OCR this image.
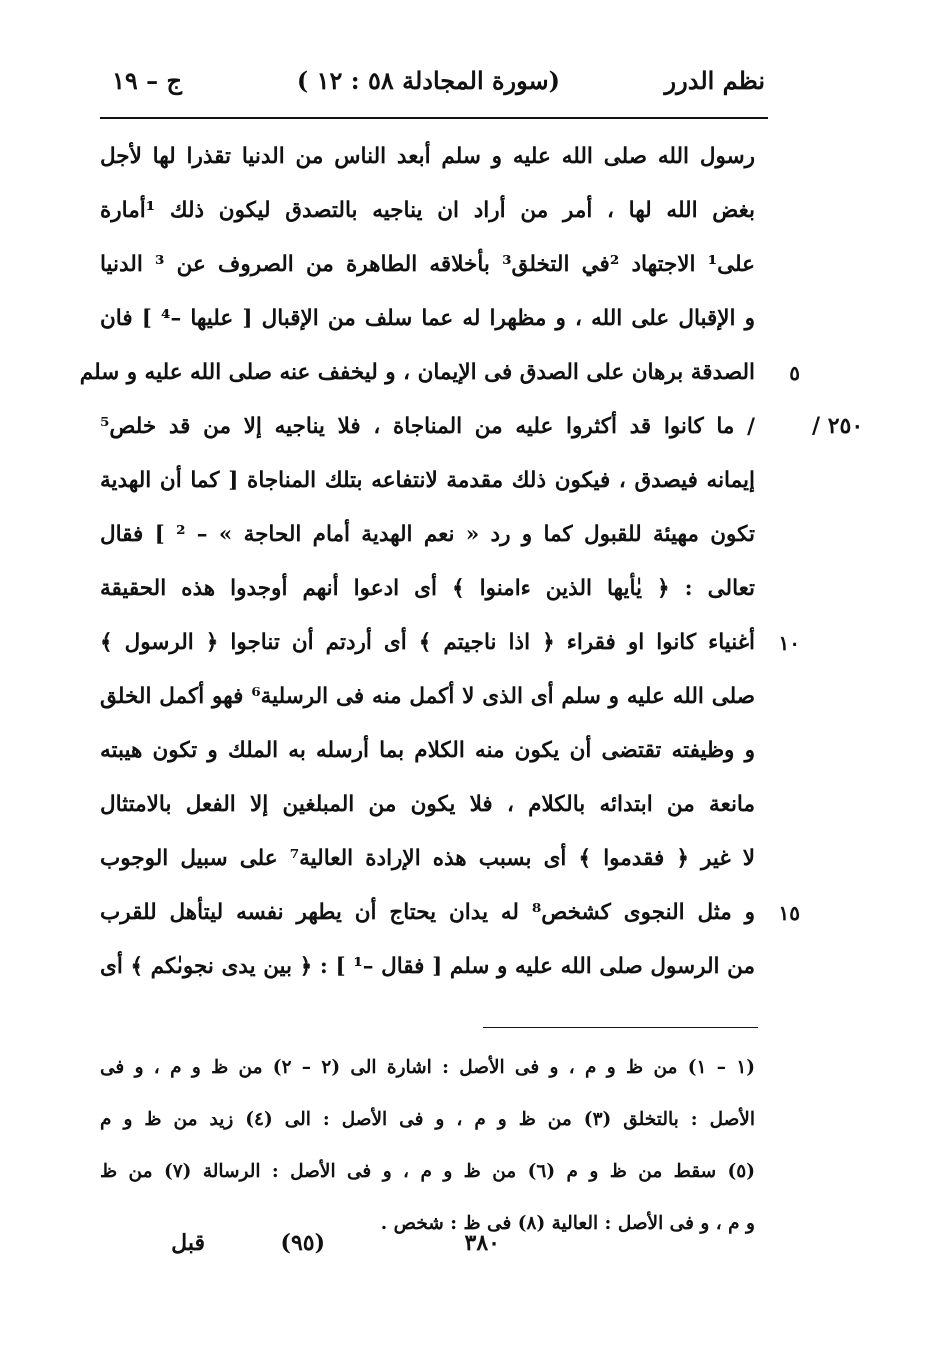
نظم الدرر
(سورة المجادلة ٥٨ : ١٢ )
ج – ١٩
٢٥٠ /
رسول الله صلى الله عليه و سلم أبعد الناس من الدنيا تقذرا لها لأجل
بغض الله لها ، أمر من أراد ان يناجيه بالتصدق ليكون ذلك ¹أمارة
على¹ الاجتهاد ²في التخلق³ بأخلاقه الطاهرة من الصروف عن ³ الدنيا
و الإقبال على الله ، و مظهرا له عما سلف من الإقبال [ عليها –⁴ ] فان
٥
الصدقة برهان على الصدق فى الإيمان ، و ليخفف عنه صلى الله عليه و سلم
/ ما كانوا قد أكثروا عليه من المناجاة ، فلا يناجيه إلا من قد خلص⁵
إيمانه فيصدق ، فيكون ذلك مقدمة لانتفاعه بتلك المناجاة [ كما أن الهدية
تكون مهيئة للقبول كما و رد « نعم الهدية أمام الحاجة » – ² ] فقال
تعالى : ﴿ يٰأيها الذين ءامنوا ﴾ أى ادعوا أنهم أوجدوا هذه الحقيقة
١٠
أغنياء كانوا او فقراء ﴿ اذا ناجيتم ﴾ أى أردتم أن تناجوا ﴿ الرسول ﴾
صلى الله عليه و سلم أى الذى لا أكمل منه فى الرسلية⁶ فهو أكمل الخلق
و وظيفته تقتضى أن يكون منه الكلام بما أرسله به الملك و تكون هيبته
مانعة من ابتدائه بالكلام ، فلا يكون من المبلغين إلا الفعل بالامتثال
لا غير ﴿ فقدموا ﴾ أى بسبب هذه الإرادة العالية⁷ على سبيل الوجوب
١٥
و مثل النجوى كشخص⁸ له يدان يحتاج أن يطهر نفسه ليتأهل للقرب
من الرسول صلى الله عليه و سلم [ فقال –¹ ] : ﴿ بين يدى نجوىٰكم ﴾ أى
(١ – ١) من ظ و م ، و فى الأصل : اشارة الى (٢ – ٢) من ظ و م ، و فى
الأصل : بالتخلق (٣) من ظ و م ، و فى الأصل : الى (٤) زيد من ظ و م
(٥) سقط من ظ و م (٦) من ظ و م ، و فى الأصل : الرسالة (٧) من ظ
و م ، و فى الأصل : العالية (٨) فى ظ : شخص .
٣٨٠
(٩٥)
قبل
